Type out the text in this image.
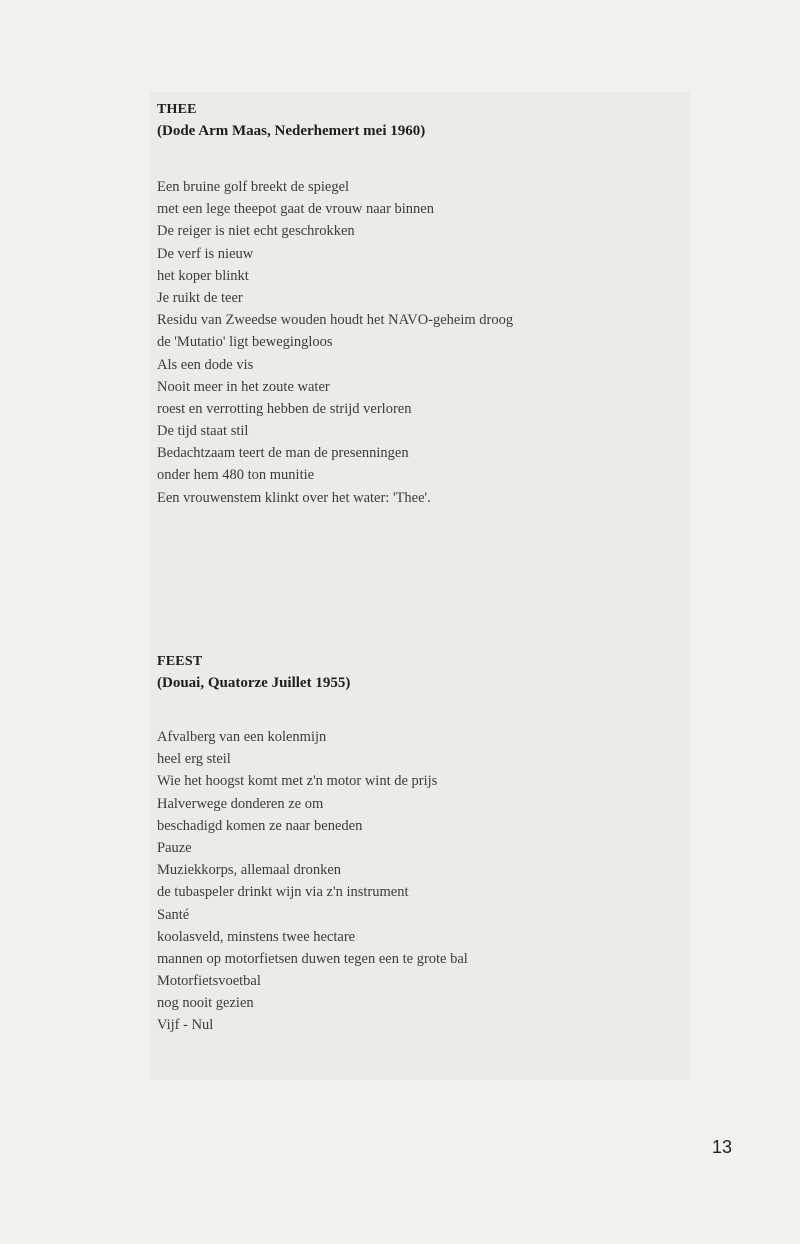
THEE
(Dode Arm Maas, Nederhemert mei 1960)
Een bruine golf breekt de spiegel
met een lege theepot gaat de vrouw naar binnen
De reiger is niet echt geschrokken
De verf is nieuw
het koper blinkt
Je ruikt de teer
Residu van Zweedse wouden houdt het NAVO-geheim droog
de 'Mutatio' ligt bewegingloos
Als een dode vis
Nooit meer in het zoute water
roest en verrotting hebben de strijd verloren
De tijd staat stil
Bedachtzaam teert de man de presenningen
onder hem 480 ton munitie
Een vrouwenstem klinkt over het water: 'Thee'.
FEEST
(Douai, Quatorze Juillet 1955)
Afvalberg van een kolenmijn
heel erg steil
Wie het hoogst komt met z'n motor wint de prijs
Halverwege donderen ze om
beschadigd komen ze naar beneden
Pauze
Muziekkorps, allemaal dronken
de tubaspeler drinkt wijn via z'n instrument
Santé
koolasveld, minstens twee hectare
mannen op motorfietsen duwen tegen een te grote bal
Motorfietsvoetbal
nog nooit gezien
Vijf - Nul
13
